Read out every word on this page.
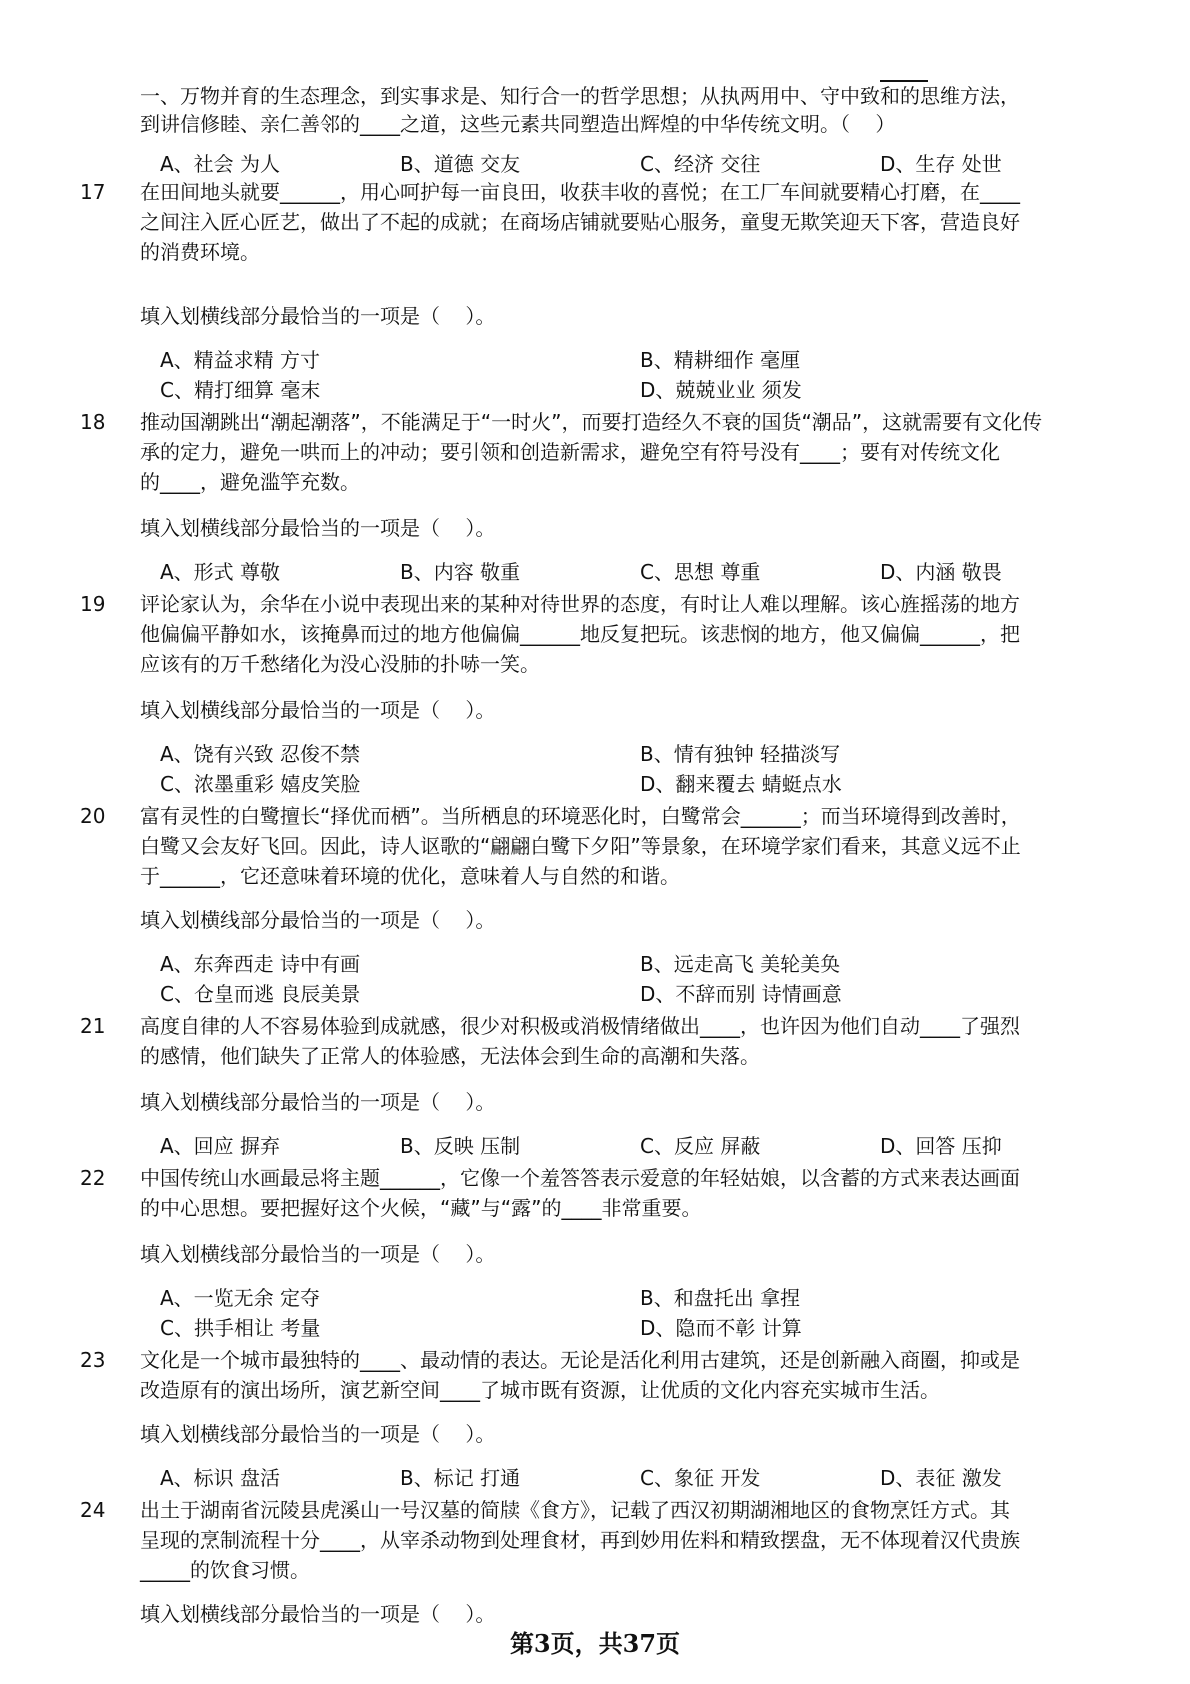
一、万物并育的生态理念，到实事求是、知行合一的哲学思想；从执两用中、守中致和的思维方法，
到讲信修睦、亲仁善邻的____之道，这些元素共同塑造出辉煌的中华传统文明。（    ）
A、社会 为人	B、道德 交友	C、经济 交往	D、生存 处世
17 在田间地头就要______，用心呵护每一亩良田，收获丰收的喜悦；在工厂车间就要精心打磨，在____
之间注入匠心匠艺，做出了不起的成就；在商场店铺就要贴心服务，童叟无欺笑迎天下客，营造良好
的消费环境。
填入划横线部分最恰当的一项是（    ）。
A、精益求精 方寸	B、精耕细作 毫厘
C、精打细算 毫末	D、兢兢业业 须发
18 推动国潮跳出“潮起潮落”，不能满足于“一时火”，而要打造经久不衰的国货“潮品”，这就需要有文化传
承的定力，避免一哄而上的冲动；要引领和创造新需求，避免空有符号没有____；要有对传统文化
的____，避免滥竽充数。
填入划横线部分最恰当的一项是（    ）。
A、形式 尊敬	B、内容 敬重	C、思想 尊重	D、内涵 敬畏
19 评论家认为，余华在小说中表现出来的某种对待世界的态度，有时让人难以理解。该心旌摇荡的地方
他偏偏平静如水，该掩鼻而过的地方他偏偏______地反复把玩。该悲悯的地方，他又偏偏______，把
应该有的万千愁绪化为没心没肺的扑哧一笑。
填入划横线部分最恰当的一项是（    ）。
A、饶有兴致 忍俊不禁	B、情有独钟 轻描淡写
C、浓墨重彩 嬉皮笑脸	D、翻来覆去 蜻蜓点水
20 富有灵性的白鹭擅长“择优而栖”。当所栖息的环境恶化时，白鹭常会______；而当环境得到改善时，
白鹭又会友好飞回。因此，诗人讴歌的“翩翩白鹭下夕阳”等景象，在环境学家们看来，其意义远不止
于______，它还意味着环境的优化，意味着人与自然的和谐。
填入划横线部分最恰当的一项是（    ）。
A、东奔西走 诗中有画	B、远走高飞 美轮美奂
C、仓皇而逃 良辰美景	D、不辞而别 诗情画意
21 高度自律的人不容易体验到成就感，很少对积极或消极情绪做出____，也许因为他们自动____了强烈
的感情，他们缺失了正常人的体验感，无法体会到生命的高潮和失落。
填入划横线部分最恰当的一项是（    ）。
A、回应 摒弃	B、反映 压制	C、反应 屏蔽	D、回答 压抑
22 中国传统山水画最忌将主题______，它像一个羞答答表示爱意的年轻姑娘，以含蓄的方式来表达画面
的中心思想。要把握好这个火候，“藏”与“露”的____非常重要。
填入划横线部分最恰当的一项是（    ）。
A、一览无余 定夺	B、和盘托出 拿捏
C、拱手相让 考量	D、隐而不彰 计算
23 文化是一个城市最独特的____、最动情的表达。无论是活化利用古建筑，还是创新融入商圈，抑或是
改造原有的演出场所，演艺新空间____了城市既有资源，让优质的文化内容充实城市生活。
填入划横线部分最恰当的一项是（    ）。
A、标识 盘活	B、标记 打通	C、象征 开发	D、表征 激发
24 出土于湖南省沅陵县虎溪山一号汉墓的简牍《食方》，记载了西汉初期湖湘地区的食物烹饪方式。其
呈现的烹制流程十分____，从宰杀动物到处理食材，再到妙用佐料和精致摆盘，无不体现着汉代贵族
_____的饮食习惯。
填入划横线部分最恰当的一项是（    ）。
第3页，共37页
